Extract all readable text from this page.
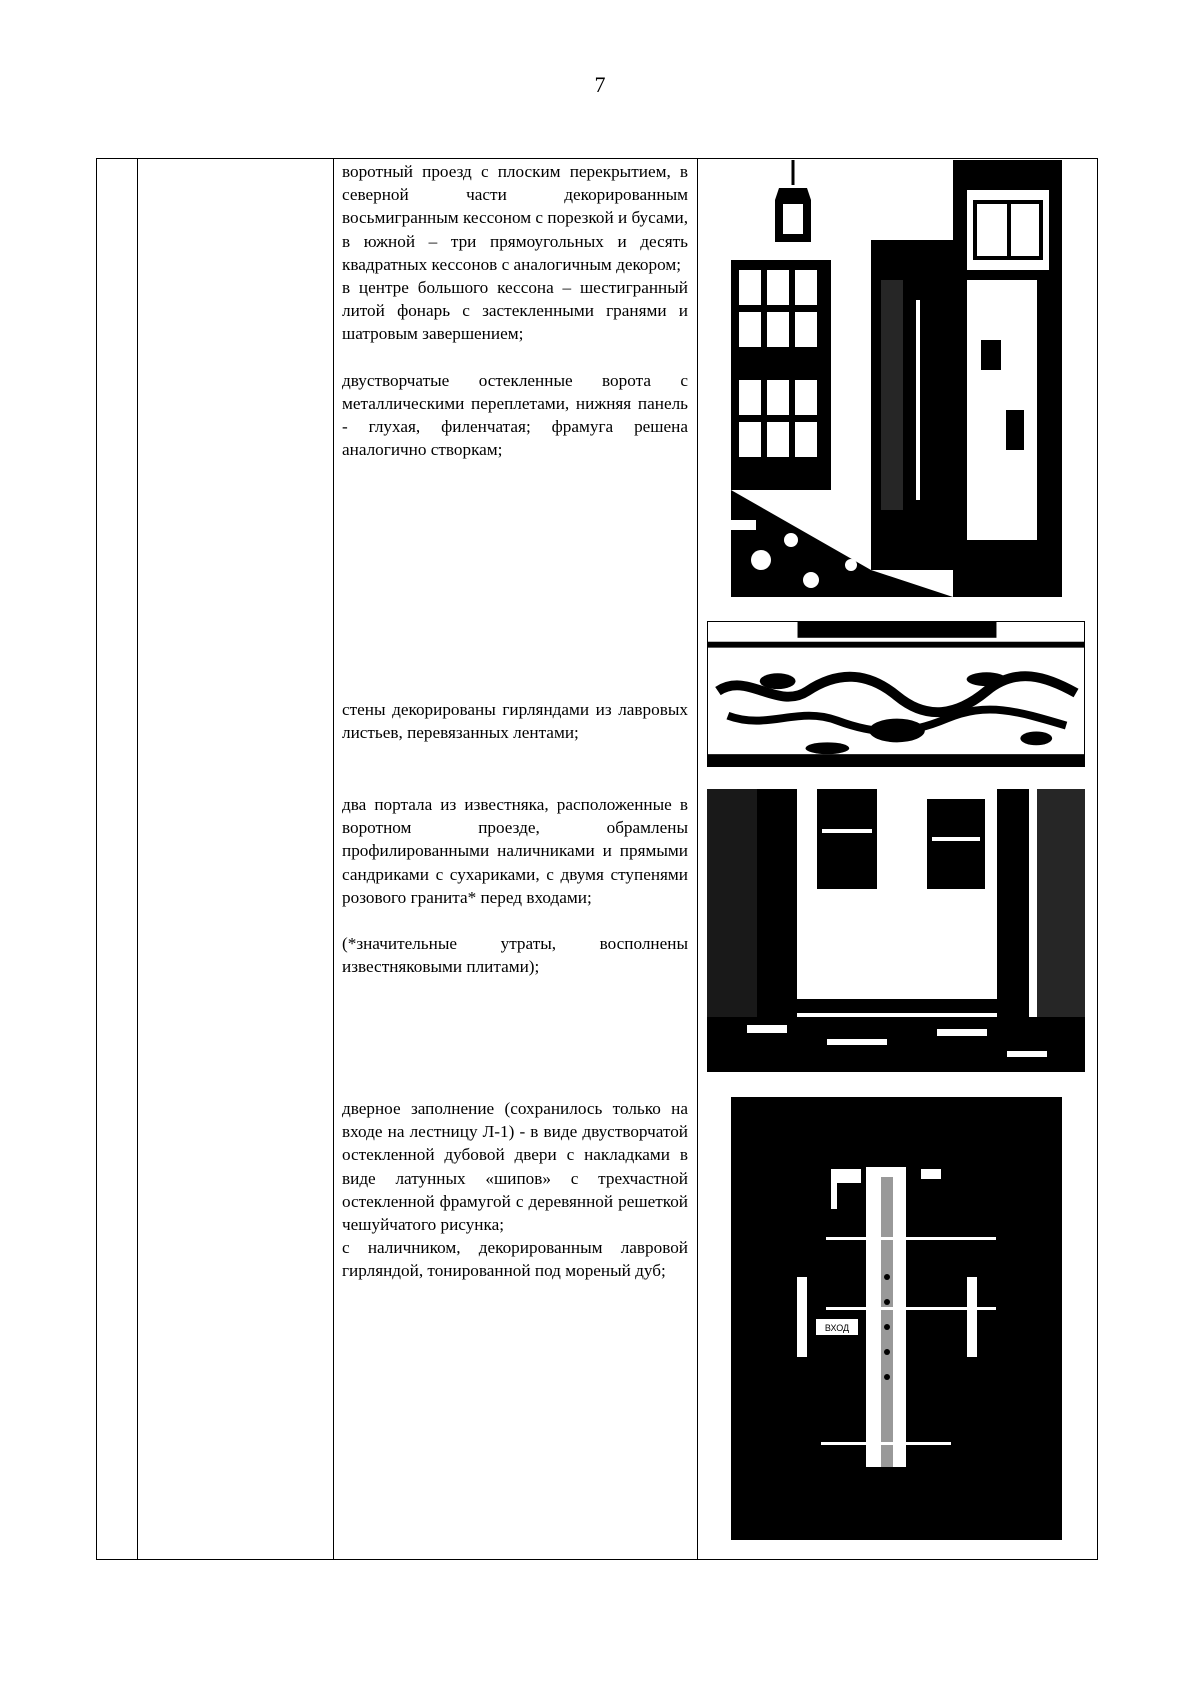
7

воротный проезд с плоским перекрытием, в северной части декорированным восьмигранным кессоном с порезкой и бусами, в южной – три прямоугольных и десять квадратных кессонов с аналогичным декором;

в центре большого кессона – шестигранный литой фонарь с застекленными гранями и шатровым завершением;

двустворчатые остекленные ворота с металлическими переплетами, нижняя панель - глухая, филенчатая; фрамуга решена аналогично створкам;

стены декорированы гирляндами из лавровых листьев, перевязанных лентами;

два портала из известняка, расположенные в воротном проезде, обрамлены профилированными наличниками и прямыми сандриками с сухариками, с двумя ступенями розового гранита* перед входами;

(*значительные утраты, восполнены известняковыми плитами);

дверное заполнение (сохранилось только на входе на лестницу Л-1) - в виде двустворчатой остекленной дубовой двери с накладками в виде латунных «шипов» с трехчастной остекленной фрамугой с деревянной решеткой чешуйчатого рисунка;

с наличником, декорированным лавровой гирляндой, тонированной под мореный дуб;

ВХОД
